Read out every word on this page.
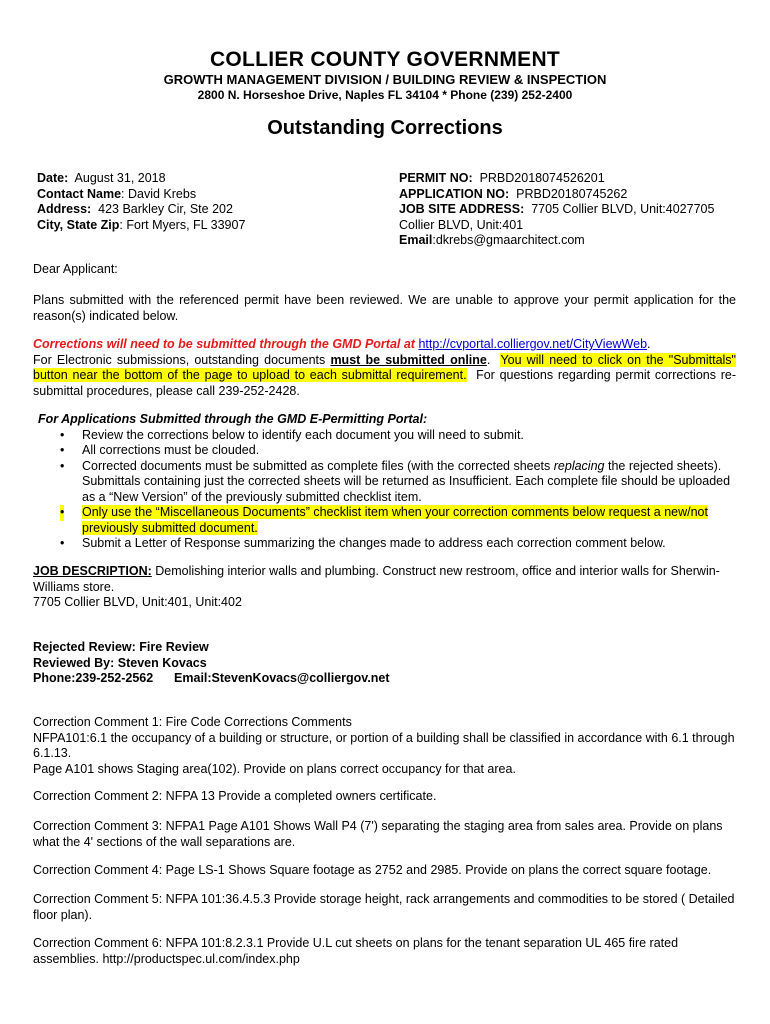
COLLIER COUNTY GOVERNMENT
GROWTH MANAGEMENT DIVISION / BUILDING REVIEW & INSPECTION
2800 N. Horseshoe Drive, Naples FL 34104 * Phone (239) 252-2400
Outstanding Corrections
Date: August 31, 2018
Contact Name: David Krebs
Address: 423 Barkley Cir, Ste 202
City, State Zip: Fort Myers, FL 33907
PERMIT NO: PRBD2018074526201
APPLICATION NO: PRBD20180745262
JOB SITE ADDRESS: 7705 Collier BLVD, Unit:4027705
Collier BLVD, Unit:401
Email:dkrebs@gmaarchitect.com
Dear Applicant:
Plans submitted with the referenced permit have been reviewed. We are unable to approve your permit application for the reason(s) indicated below.
Corrections will need to be submitted through the GMD Portal at http://cvportal.colliergov.net/CityViewWeb.
For Electronic submissions, outstanding documents must be submitted online.  You will need to click on the "Submittals" button near the bottom of the page to upload to each submittal requirement. For questions regarding permit corrections re-submittal procedures, please call 239-252-2428.
For Applications Submitted through the GMD E-Permitting Portal:
• Review the corrections below to identify each document you will need to submit.
• All corrections must be clouded.
• Corrected documents must be submitted as complete files (with the corrected sheets replacing the rejected sheets). Submittals containing just the corrected sheets will be returned as Insufficient. Each complete file should be uploaded as a “New Version” of the previously submitted checklist item.
• Only use the “Miscellaneous Documents” checklist item when your correction comments below request a new/not previously submitted document.
• Submit a Letter of Response summarizing the changes made to address each correction comment below.
JOB DESCRIPTION: Demolishing interior walls and plumbing. Construct new restroom, office and interior walls for Sherwin-Williams store.
7705 Collier BLVD, Unit:401, Unit:402
Rejected Review: Fire Review
Reviewed By: Steven Kovacs
Phone:239-252-2562      Email:StevenKovacs@colliergov.net
Correction Comment 1: Fire Code Corrections Comments
NFPA101:6.1 the occupancy of a building or structure, or portion of a building shall be classified in accordance with 6.1 through 6.1.13.
Page A101 shows Staging area(102). Provide on plans correct occupancy for that area.
Correction Comment 2: NFPA 13 Provide a completed owners certificate.
Correction Comment 3: NFPA1 Page A101 Shows Wall P4 (7') separating the staging area from sales area. Provide on plans what the 4' sections of the wall separations are.
Correction Comment 4: Page LS-1 Shows Square footage as 2752 and 2985. Provide on plans the correct square footage.
Correction Comment 5: NFPA 101:36.4.5.3 Provide storage height, rack arrangements and commodities to be stored ( Detailed floor plan).
Correction Comment 6: NFPA 101:8.2.3.1 Provide U.L cut sheets on plans for the tenant separation UL 465 fire rated assemblies. http://productspec.ul.com/index.php
